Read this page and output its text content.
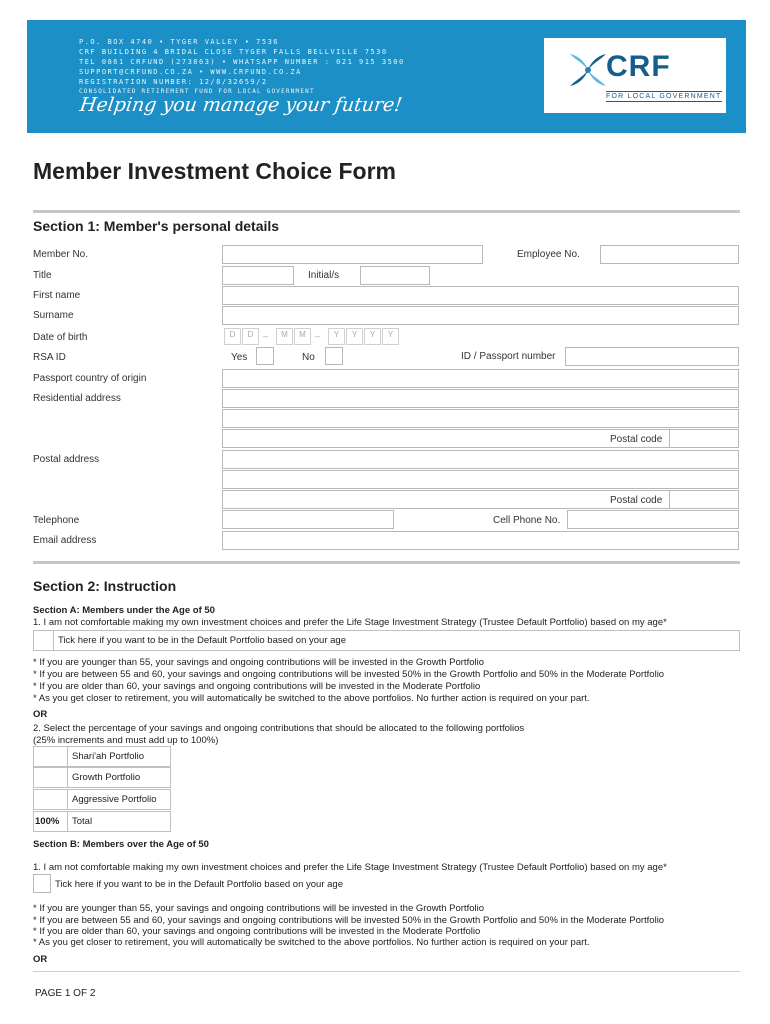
P.O. BOX 4740 • TYGER VALLEY • 7536
CRF BUILDING 4 BRIDAL CLOSE TYGER FALLS BELLVILLE 7530
TEL 0861 CRFUND (273863) • WHATSAPP NUMBER : 021 915 3500
SUPPORT@CRFUND.CO.ZA • WWW.CRFUND.CO.ZA
REGISTRATION NUMBER: 12/8/32659/2
CONSOLIDATED RETIREMENT FUND FOR LOCAL GOVERNMENT
Helping you manage your future!
CRF
FOR LOCAL GOVERNMENT
Member Investment Choice Form
Section 1: Member's personal details
Member No.	Employee No.
Title	Initial/s
First name
Surname
Date of birth	D	D	–	M	M	–	Y	Y	Y	Y
RSA ID	Yes	No	ID / Passport number
Passport country of origin
Residential address
Postal code
Postal address
Postal code
Telephone	Cell Phone No.
Email address
Section 2: Instruction
Section A: Members under the Age of 50
1. I am not comfortable making my own investment choices and prefer the Life Stage Investment Strategy (Trustee Default Portfolio) based on my age*
Tick here if you want to be in the Default Portfolio based on your age
* If you are younger than 55, your savings and ongoing contributions will be invested in the Growth Portfolio
* If you are between 55 and 60, your savings and ongoing contributions will be invested 50% in the Growth Portfolio and 50% in the Moderate Portfolio
* If you are older than 60, your savings and ongoing contributions will be invested in the Moderate Portfolio
* As you get closer to retirement, you will automatically be switched to the above portfolios. No further action is required on your part.
OR
2. Select the percentage of your savings and ongoing contributions that should be allocated to the following portfolios
(25% increments and must add up to 100%)
Shari'ah Portfolio
Growth Portfolio
Aggressive Portfolio
100%	Total
Section B: Members over the Age of 50
1. I am not comfortable making my own investment choices and prefer the Life Stage Investment Strategy (Trustee Default Portfolio) based on my age*
Tick here if you want to be in the Default Portfolio based on your age
* If you are younger than 55, your savings and ongoing contributions will be invested in the Growth Portfolio
* If you are between 55 and 60, your savings and ongoing contributions will be invested 50% in the Growth Portfolio and 50% in the Moderate Portfolio
* If you are older than 60, your savings and ongoing contributions will be invested in the Moderate Portfolio
* As you get closer to retirement, you will automatically be switched to the above portfolios. No further action is required on your part.
OR
PAGE 1 OF 2
